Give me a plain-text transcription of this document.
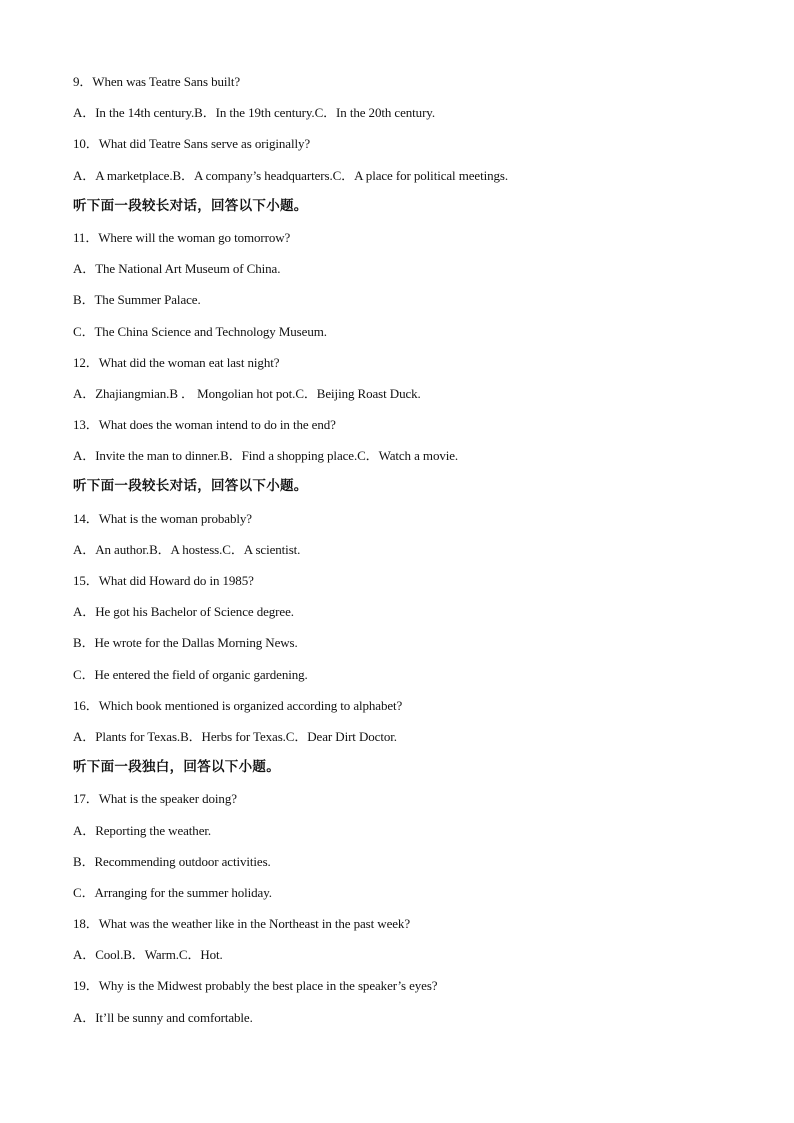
9．When was Teatre Sans built?
A．In the 14th century.B．In the 19th century.C．In the 20th century.
10．What did Teatre Sans serve as originally?
A．A marketplace.B．A company’s headquarters.C．A place for political meetings.
听下面一段较长对话，回答以下小题。
11．Where will the woman go tomorrow?
A．The National Art Museum of China.
B．The Summer Palace.
C．The China Science and Technology Museum.
12．What did the woman eat last night?
A．Zhajiangmian.B ． Mongolian hot pot.C．Beijing Roast Duck.
13．What does the woman intend to do in the end?
A．Invite the man to dinner.B．Find a shopping place.C．Watch a movie.
听下面一段较长对话，回答以下小题。
14．What is the woman probably?
A．An author.B．A hostess.C．A scientist.
15．What did Howard do in 1985?
A．He got his Bachelor of Science degree.
B．He wrote for the Dallas Morning News.
C．He entered the field of organic gardening.
16．Which book mentioned is organized according to alphabet?
A．Plants for Texas.B．Herbs for Texas.C．Dear Dirt Doctor.
听下面一段独白，回答以下小题。
17．What is the speaker doing?
A．Reporting the weather.
B．Recommending outdoor activities.
C．Arranging for the summer holiday.
18．What was the weather like in the Northeast in the past week?
A．Cool.B．Warm.C．Hot.
19．Why is the Midwest probably the best place in the speaker’s eyes?
A．It’ll be sunny and comfortable.
